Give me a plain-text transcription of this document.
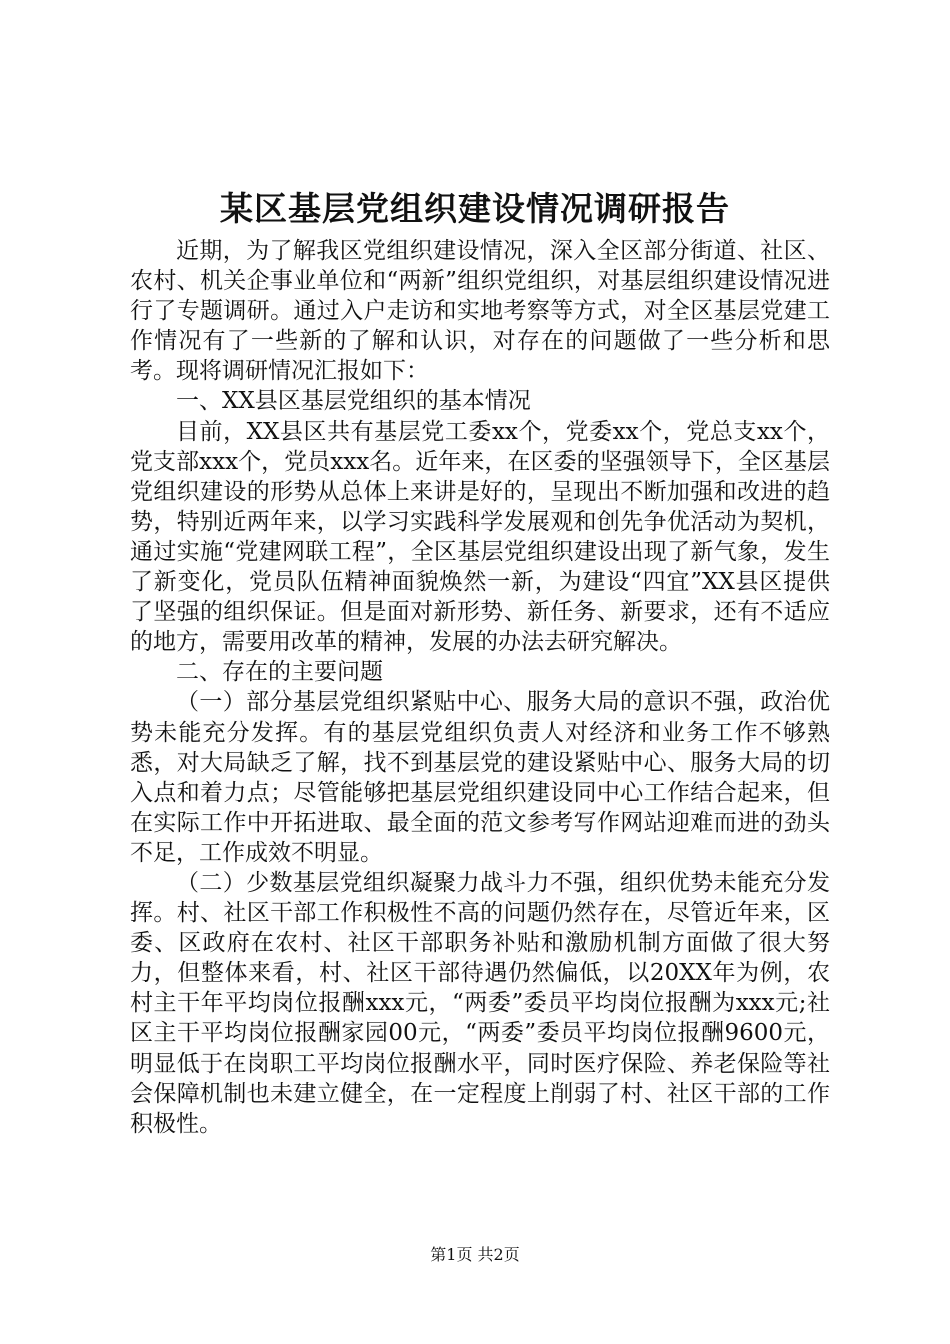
某区基层党组织建设情况调研报告

近期，为了解我区党组织建设情况，深入全区部分街道、社区、农村、机关企事业单位和“两新”组织党组织，对基层组织建设情况进行了专题调研。通过入户走访和实地考察等方式，对全区基层党建工作情况有了一些新的了解和认识，对存在的问题做了一些分析和思考。现将调研情况汇报如下：

一、XX县区基层党组织的基本情况

目前，XX县区共有基层党工委xx个，党委xx个，党总支xx个，党支部xxx个，党员xxx名。近年来，在区委的坚强领导下，全区基层党组织建设的形势从总体上来讲是好的，呈现出不断加强和改进的趋势，特别近两年来，以学习实践科学发展观和创先争优活动为契机，通过实施“党建网联工程”，全区基层党组织建设出现了新气象，发生了新变化，党员队伍精神面貌焕然一新，为建设“四宜”XX县区提供了坚强的组织保证。但是面对新形势、新任务、新要求，还有不适应的地方，需要用改革的精神，发展的办法去研究解决。

二、存在的主要问题

（一）部分基层党组织紧贴中心、服务大局的意识不强，政治优势未能充分发挥。有的基层党组织负责人对经济和业务工作不够熟悉，对大局缺乏了解，找不到基层党的建设紧贴中心、服务大局的切入点和着力点；尽管能够把基层党组织建设同中心工作结合起来，但在实际工作中开拓进取、最全面的范文参考写作网站迎难而进的劲头不足，工作成效不明显。

（二）少数基层党组织凝聚力战斗力不强，组织优势未能充分发挥。村、社区干部工作积极性不高的问题仍然存在，尽管近年来，区委、区政府在农村、社区干部职务补贴和激励机制方面做了很大努力，但整体来看，村、社区干部待遇仍然偏低，以20XX年为例，农村主干年平均岗位报酬xxx元，“两委”委员平均岗位报酬为xxx元;社区主干平均岗位报酬家园00元，“两委”委员平均岗位报酬9600元，明显低于在岗职工平均岗位报酬水平，同时医疗保险、养老保险等社会保障机制也未建立健全，在一定程度上削弱了村、社区干部的工作积极性。

第1页 共2页
